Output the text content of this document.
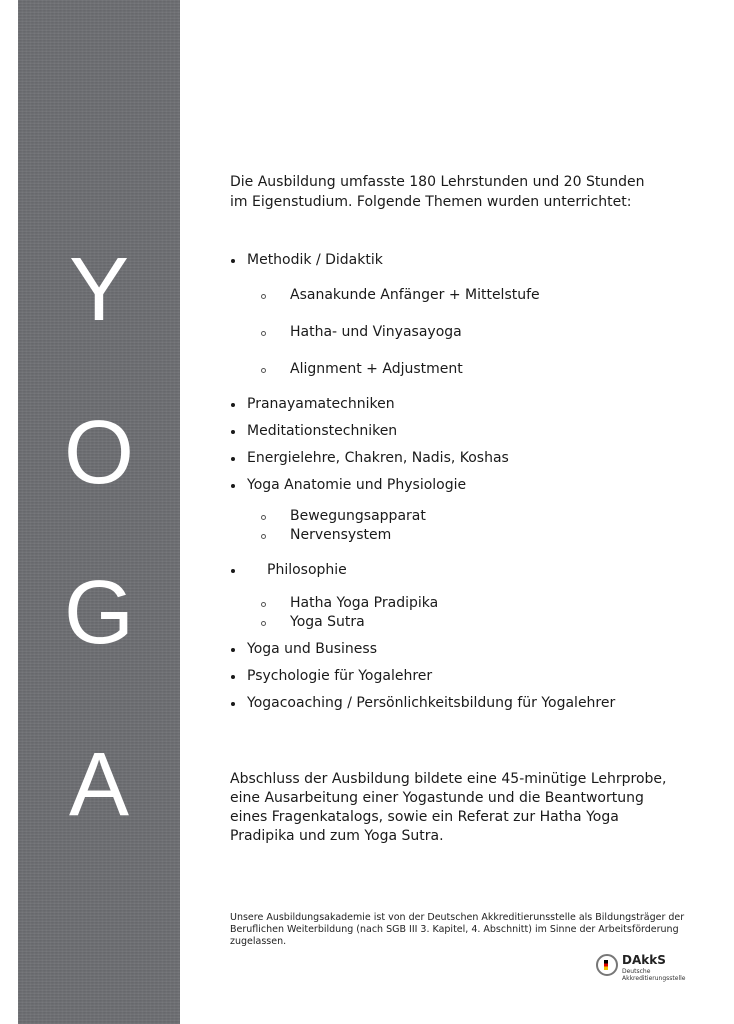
Y
O
G
A

Die Ausbildung umfasste 180 Lehrstunden und 20 Stunden im Eigenstudium. Folgende Themen wurden unterrichtet:

Methodik / Didaktik

Asanakunde Anfänger + Mittelstufe

Hatha- und Vinyasayoga

Alignment + Adjustment

Pranayamatechniken

Meditationstechniken

Energielehre, Chakren, Nadis, Koshas

Yoga Anatomie und Physiologie

Bewegungsapparat

Nervensystem

Philosophie

Hatha Yoga Pradipika

Yoga Sutra

Yoga und Business

Psychologie für Yogalehrer

Yogacoaching / Persönlichkeitsbildung für Yogalehrer

Abschluss der Ausbildung bildete eine 45-minütige Lehrprobe, eine Ausarbeitung einer Yogastunde und die Beantwortung eines Fragenkatalogs, sowie ein Referat zur Hatha Yoga Pradipika und zum Yoga Sutra.

Unsere Ausbildungsakademie ist von der Deutschen Akkreditierunsstelle als Bildungsträger der Beruflichen Weiterbildung (nach SGB III 3. Kapitel, 4. Abschnitt) im Sinne der Arbeitsförderung zugelassen.

DAkkS
Deutsche Akkreditierungsstelle
